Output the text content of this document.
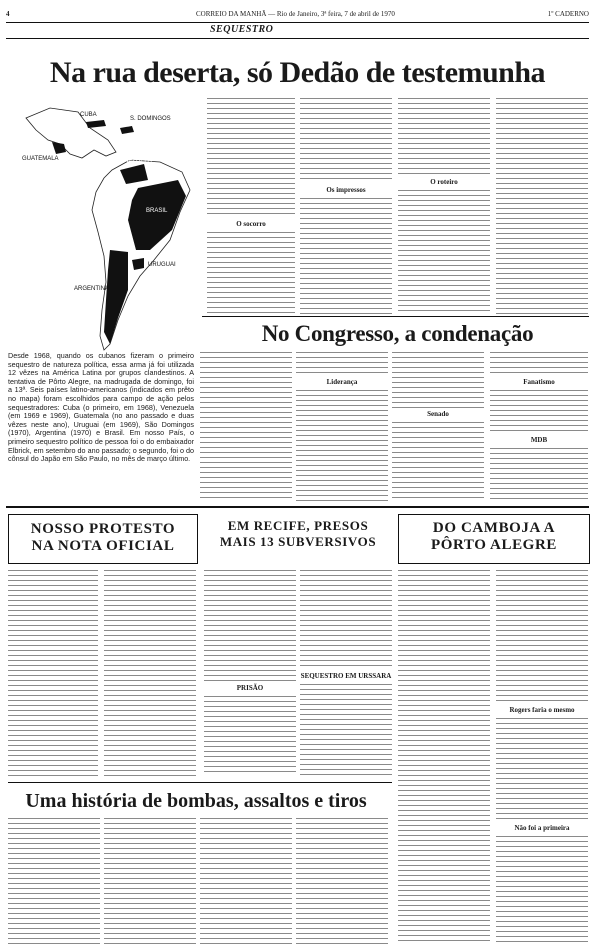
4	CORREIO DA MANHÃ — Rio de Janeiro, 3ª feira, 7 de abril de 1970	1º CADERNO
SEQUESTRO
Na rua deserta, só Dedão de testemunha
GUATEMALA
S. DOMINGOS
CUBA
VENEZUELA
BRASIL
URUGUAI
ARGENTINA
Desde 1968, quando os cubanos fizeram o primeiro sequestro de natureza política, essa arma já foi utilizada 12 vêzes na América Latina por grupos clandestinos. A tentativa de Pôrto Alegre, na madrugada de domingo, foi a 13ª. Seis países latino-americanos (indicados em prêto no mapa) foram escolhidos para campo de ação pelos sequestradores: Cuba (o primeiro, em 1968), Venezuela (em 1969 e 1969), Guatemala (no ano passado e duas vêzes neste ano), Uruguai (em 1969), São Domingos (1970), Argentina (1970) e Brasil. Em nosso País, o primeiro sequestro político de pessoa foi o do embaixador Elbrick, em setembro do ano passado; o segundo, foi o do cônsul do Japão em São Paulo, no mês de março último.
O socorro
Os impressos
O roteiro
No Congresso, a condenação
Liderança
Senado
Fanatismo
MDB
NOSSO PROTESTO
NA NOTA OFICIAL
EM RECIFE, PRESOS
MAIS 13 SUBVERSIVOS
PRISÃO
SEQUESTRO EM URSSARA
DO CAMBOJA A
PÔRTO ALEGRE
Rogers faria o mesmo
Não foi a primeira
Uma história de bombas, assaltos e tiros
